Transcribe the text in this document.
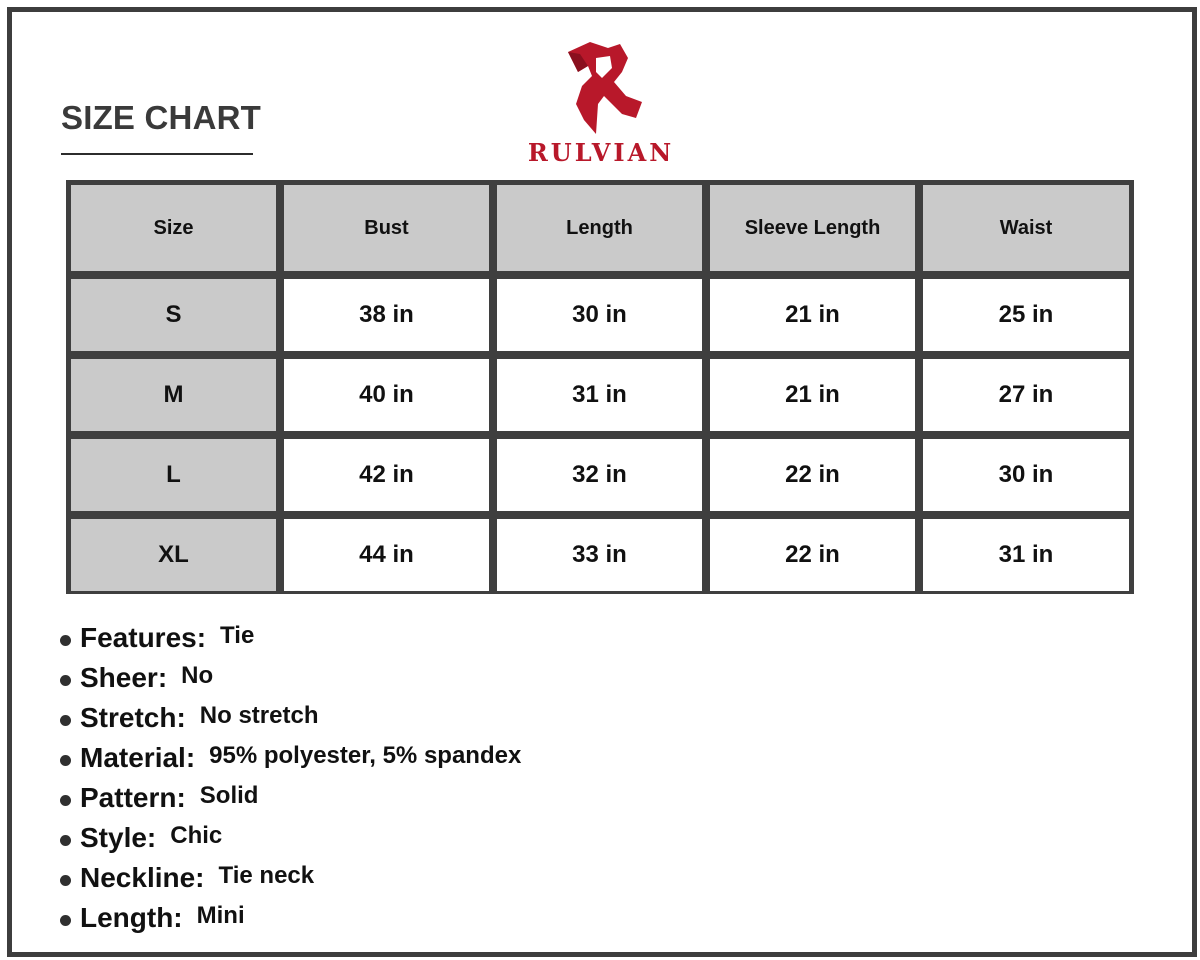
SIZE CHART
RULVIAN
Size	Bust	Length	Sleeve Length	Waist
S	38 in	30 in	21 in	25 in
M	40 in	31 in	21 in	27 in
L	42 in	32 in	22 in	30 in
XL	44 in	33 in	22 in	31 in
Features: Tie
Sheer: No
Stretch: No stretch
Material: 95% polyester, 5% spandex
Pattern: Solid
Style: Chic
Neckline: Tie neck
Length: Mini
